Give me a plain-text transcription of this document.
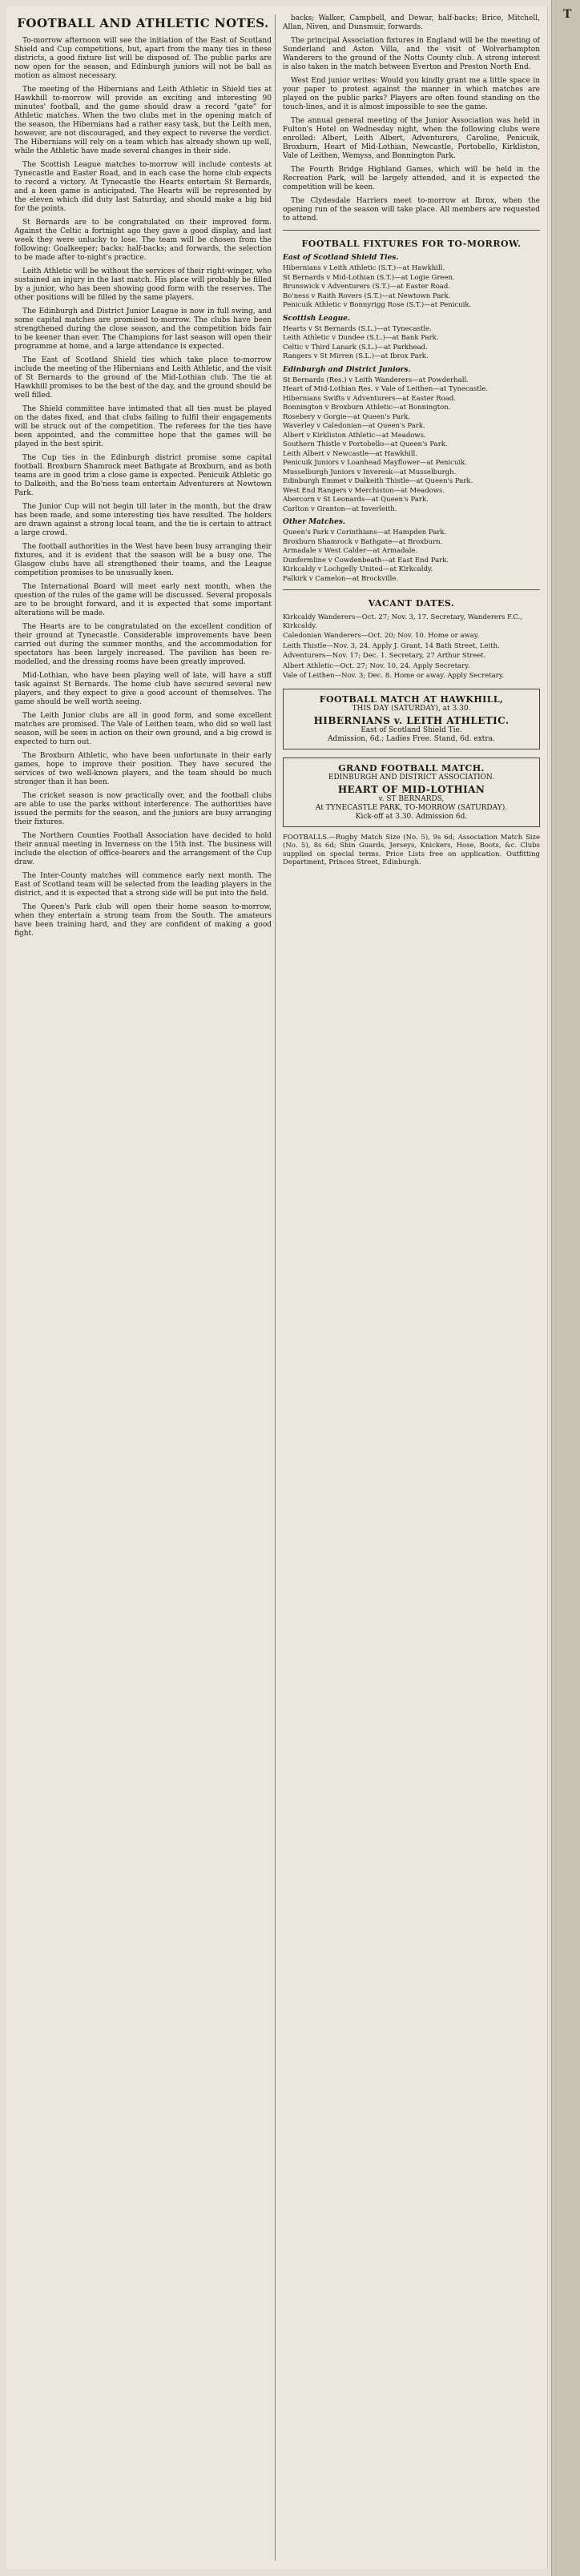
FOOTBALL AND ATHLETIC NOTES.

To-morrow afternoon will see the initiation of the East of Scotland Shield and Cup competitions, but, apart from the many ties in these districts, a good fixture list will be disposed of. The public parks are now open for the season, and Edinburgh juniors will not be ball as motion as almost necessary.

The meeting of the Hibernians and Leith Athletic in Shield ties at Hawkhill to-morrow will provide an exciting and interesting 90 minutes' football, and the game should draw a record "gate" for Athletic matches. When the two clubs met in the opening match of the season, the Hibernians had a rather easy task, but the Leith men, however, are not discouraged, and they expect to reverse the verdict. The Hibernians will rely on a team which has already shown up well, while the Athletic have made several changes in their side.

The Scottish League matches to-morrow will include contests at Tynecastle and Easter Road, and in each case the home club expects to record a victory. At Tynecastle the Hearts entertain St Bernards, and a keen game is anticipated. The Hearts will be represented by the eleven which did duty last Saturday, and should make a big bid for the points.

St Bernards are to be congratulated on their improved form. Against the Celtic a fortnight ago they gave a good display, and last week they were unlucky to lose. The team will be chosen from the following: Goalkeeper; backs; half-backs; and forwards, the selection to be made after to-night's practice.

Leith Athletic will be without the services of their right-winger, who sustained an injury in the last match. His place will probably be filled by a junior, who has been showing good form with the reserves. The other positions will be filled by the same players.

The Edinburgh and District Junior League is now in full swing, and some capital matches are promised to-morrow. The clubs have been strengthened during the close season, and the competition bids fair to be keener than ever. The Champions for last season will open their programme at home, and a large attendance is expected.

The East of Scotland Shield ties which take place to-morrow include the meeting of the Hibernians and Leith Athletic, and the visit of St Bernards to the ground of the Mid-Lothian club. The tie at Hawkhill promises to be the best of the day, and the ground should be well filled.

The Shield committee have intimated that all ties must be played on the dates fixed, and that clubs failing to fulfil their engagements will be struck out of the competition. The referees for the ties have been appointed, and the committee hope that the games will be played in the best spirit.

The Cup ties in the Edinburgh district promise some capital football. Broxburn Shamrock meet Bathgate at Broxburn, and as both teams are in good trim a close game is expected. Penicuik Athletic go to Dalkeith, and the Bo'ness team entertain Adventurers at Newtown Park.

The Junior Cup will not begin till later in the month, but the draw has been made, and some interesting ties have resulted. The holders are drawn against a strong local team, and the tie is certain to attract a large crowd.

The football authorities in the West have been busy arranging their fixtures, and it is evident that the season will be a busy one. The Glasgow clubs have all strengthened their teams, and the League competition promises to be unusually keen.

The International Board will meet early next month, when the question of the rules of the game will be discussed. Several proposals are to be brought forward, and it is expected that some important alterations will be made.

The Hearts are to be congratulated on the excellent condition of their ground at Tynecastle. Considerable improvements have been carried out during the summer months, and the accommodation for spectators has been largely increased. The pavilion has been re-modelled, and the dressing rooms have been greatly improved.

Mid-Lothian, who have been playing well of late, will have a stiff task against St Bernards. The home club have secured several new players, and they expect to give a good account of themselves. The game should be well worth seeing.

The Leith Junior clubs are all in good form, and some excellent matches are promised. The Vale of Leithen team, who did so well last season, will be seen in action on their own ground, and a big crowd is expected to turn out.

The Broxburn Athletic, who have been unfortunate in their early games, hope to improve their position. They have secured the services of two well-known players, and the team should be much stronger than it has been.

The cricket season is now practically over, and the football clubs are able to use the parks without interference. The authorities have issued the permits for the season, and the juniors are busy arranging their fixtures.

The Northern Counties Football Association have decided to hold their annual meeting in Inverness on the 15th inst. The business will include the election of office-bearers and the arrangement of the Cup draw.

The Inter-County matches will commence early next month. The East of Scotland team will be selected from the leading players in the district, and it is expected that a strong side will be put into the field.

The Queen's Park club will open their home season to-morrow, when they entertain a strong team from the South. The amateurs have been training hard, and they are confident of making a good fight.

backs; Walker, Campbell, and Dewar, half-backs; Brice, Mitchell, Allan, Niven, and Dunsmuir, forwards.

The principal Association fixtures in England will be the meeting of Sunderland and Aston Villa, and the visit of Wolverhampton Wanderers to the ground of the Notts County club. A strong interest is also taken in the match between Everton and Preston North End.

West End junior writes: Would you kindly grant me a little space in your paper to protest against the manner in which matches are played on the public parks? Players are often found standing on the touch-lines, and it is almost impossible to see the game.

The annual general meeting of the Junior Association was held in Fulton's Hotel on Wednesday night, when the following clubs were enrolled: Albert, Leith Albert, Adventurers, Caroline, Penicuik, Broxburn, Heart of Mid-Lothian, Newcastle, Portobello, Kirkliston, Vale of Leithen, Wemyss, and Bonnington Park.

The Fourth Bridge Highland Games, which will be held in the Recreation Park, will be largely attended, and it is expected the competition will be keen.

The Clydesdale Harriers meet to-morrow at Ibrox, when the opening run of the season will take place. All members are requested to attend.

FOOTBALL FIXTURES FOR TO-MORROW.
East of Scotland Shield Ties.
Hibernians v Leith Athletic (S.T.)—at Hawkhill.
St Bernards v Mid-Lothian (S.T.)—at Logie Green.
Brunswick v Adventurers (S.T.)—at Easter Road.
Bo'ness v Raith Rovers (S.T.)—at Newtown Park.
Penicuik Athletic v Bonnyrigg Rose (S.T.)—at Penicuik.
Scottish League.
Hearts v St Bernards (S.L.)—at Tynecastle.
Leith Athletic v Dundee (S.L.)—at Bank Park.
Celtic v Third Lanark (S.L.)—at Parkhead.
Rangers v St Mirren (S.L.)—at Ibrox Park.
Edinburgh and District Juniors.
St Bernards (Res.) v Leith Wanderers—at Powderhall.
Heart of Mid-Lothian Res. v Vale of Leithen—at Tynecastle.
Hibernians Swifts v Adventurers—at Easter Road.
Bonnington v Broxburn Athletic—at Bonnington.
Rosebery v Gorgie—at Queen's Park.
Waverley v Caledonian—at Queen's Park.
Albert v Kirkliston Athletic—at Meadows.
Southern Thistle v Portobello—at Queen's Park.
Leith Albert v Newcastle—at Hawkhill.
Penicuik Juniors v Loanhead Mayflower—at Penicuik.
Musselburgh Juniors v Inveresk—at Musselburgh.
Edinburgh Emmet v Dalkeith Thistle—at Queen's Park.
West End Rangers v Merchiston—at Meadows.
Abercorn v St Leonards—at Queen's Park.
Carlton v Granton—at Inverleith.
Other Matches.
Queen's Park v Corinthians—at Hampden Park.
Broxburn Shamrock v Bathgate—at Broxburn.
Armadale v West Calder—at Armadale.
Dunfermline v Cowdenbeath—at East End Park.
Kirkcaldy v Lochgelly United—at Kirkcaldy.
Falkirk v Camelon—at Brockville.
VACANT DATES.
Kirkcaldy Wanderers—Oct. 27; Nov. 3, 17. Secretary, Wanderers F.C., Kirkcaldy.
Caledonian Wanderers—Oct. 20; Nov. 10. Home or away.
Leith Thistle—Nov. 3, 24. Apply J. Grant, 14 Bath Street, Leith.
Adventurers—Nov. 17; Dec. 1. Secretary, 27 Arthur Street.
Albert Athletic—Oct. 27; Nov. 10, 24. Apply Secretary.
Vale of Leithen—Nov. 3; Dec. 8. Home or away. Apply Secretary.
FOOTBALL MATCH AT HAWKHILL,
THIS DAY (SATURDAY), at 3.30.
HIBERNIANS v. LEITH ATHLETIC.
East of Scotland Shield Tie.
Admission, 6d.; Ladies Free. Stand, 6d. extra.
GRAND FOOTBALL MATCH.
EDINBURGH AND DISTRICT ASSOCIATION.
HEART OF MID-LOTHIAN
v. ST BERNARDS,
At TYNECASTLE PARK, TO-MORROW (SATURDAY).
Kick-off at 3.30. Admission 6d.
FOOTBALLS.—Rugby Match Size (No. 5), 9s 6d; Association Match Size (No. 5), 8s 6d; Shin Guards, Jerseys, Knickers, Hose, Boots, &c. Clubs supplied on special terms. Price Lists free on application. Outfitting Department, Princes Street, Edinburgh.
T
